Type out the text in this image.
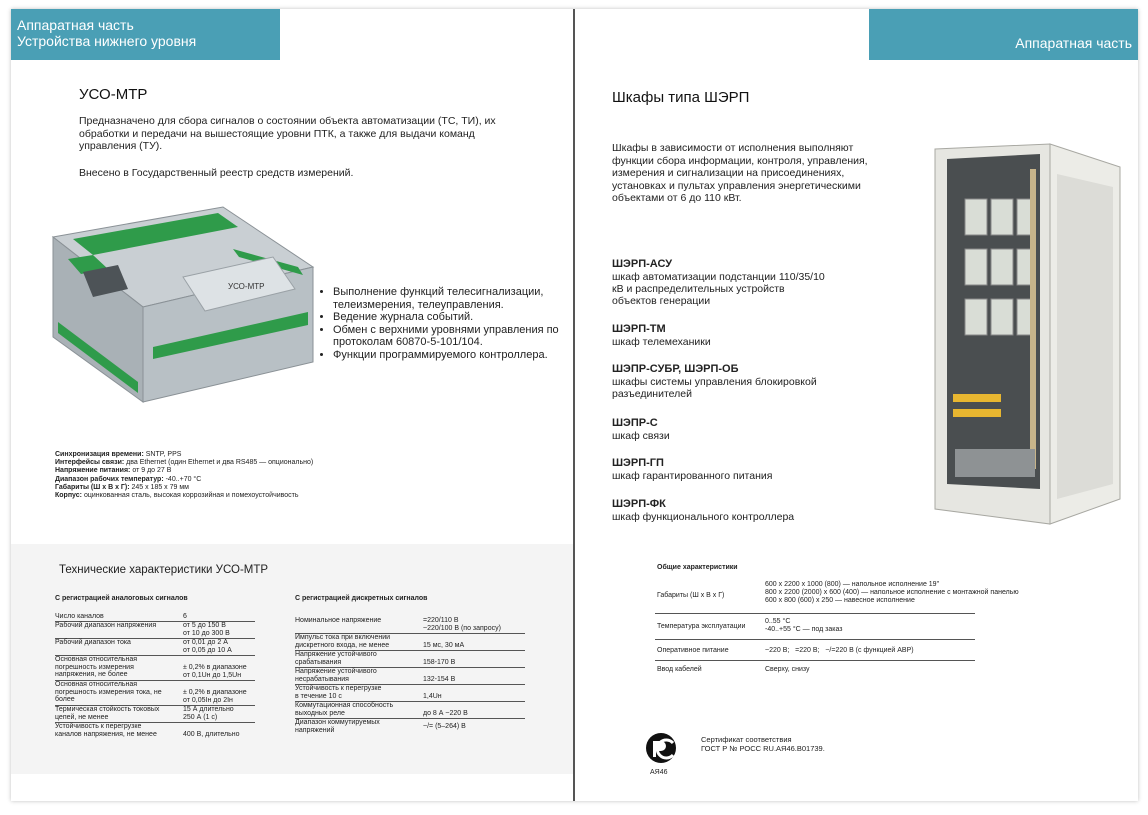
Аппаратная часть
Устройства нижнего уровня
УСО-МТР
Предназначено для сбора сигналов о состоянии объекта автоматизации (ТС, ТИ), их обработки и передачи на вышестоящие уровни ПТК, а также для выдачи команд управления (ТУ).
Внесено в Государственный реестр средств измерений.
УСО-МТР
•	Выполнение функций телесигнализации, телеизмерения, телеуправления.
• Ведение журнала событий.
• Обмен с верхними уровнями управления по протоколам 60870-5-101/104.
• Функции программируемого контроллера.
Синхронизация времени: SNTP, PPS
Интерфейсы связи: два Ethernet (один Ethernet и два RS485 — опционально)
Напряжение питания: от 9 до 27 В
Диапазон рабочих температур: -40..+70 °С
Габариты (Ш х В х Г): 245 х 185 х 79 мм
Корпус: оцинкованная сталь, высокая коррозийная и помехоустойчивость
Технические характеристики УСО-МТР
С регистрацией аналоговых сигналов	С регистрацией дискретных сигналов
Число каналов	6
Рабочий диапазон напряжения	от 5 до 150 В
от 10 до 300 В
Рабочий диапазон тока	от 0,01 до 2 А
от 0,05 до 10 А
Основная относительная
погрешность измерения
напряжения, не более
± 0,2% в диапазоне
от 0,1Uн до 1,5Uн
Основная относительная
погрешность измерения тока, не
более
± 0,2% в диапазоне
от 0,05Iн до 2Iн
Термическая стойкость токовых
цепей, не менее
15 А длительно
250 А (1 с)
Устойчивость к перегрузке
каналов напряжения, не менее	400 В, длительно
Номинальное напряжение	=220/110 В
~220/100 В (по запросу)
Импульс тока при включении
дискретного входа, не менее	15 мс, 30 мА
Напряжение устойчивого
срабатывания	158-170 В
Напряжение устойчивого
несрабатывания	132-154 В
Устойчивость к перегрузке
в течение 10 с	1,4Uн
Коммутационная способность
выходных реле	до 8 А ~220 В
Диапазон коммутируемых
напряжений	~/= (5–264) В
Аппаратная часть
Шкафы типа ШЭРП
Шкафы в зависимости от исполнения выполняют функции сбора информации, контроля, управления, измерения и сигнализации на присоединениях, установках и пультах управления энергетическими объектами от 6 до 110 кВт.
ШЭРП-АСУ
шкаф автоматизации подстанции 110/35/10 кВ и распределительных устройств объектов генерации
ШЭРП-ТМ
шкаф телемеханики
ШЭПР-СУБР, ШЭРП-ОБ
шкафы системы управления блокировкой разъединителей
ШЭПР-С
шкаф связи
ШЭРП-ГП
шкаф гарантированного питания
ШЭРП-ФК
шкаф функционального контроллера
Общие характеристики
Габариты (Ш х В х Г)
600 х 2200 х 1000 (800) — напольное исполнение 19"
800 х 2200 (2000) х 600 (400) — напольное исполнение с монтажной панелью
600 х 800 (600) х 250 — навесное исполнение
Температура эксплуатации
0..55 °С
-40..+55 °С — под заказ
Оперативное питание	~220 В;   =220 В;   ~/=220 В (с функцией АВР)
Ввод кабелей	Сверху, снизу
Сертификат соответствия
ГОСТ Р № РОСС RU.АЯ46.В01739.
АЯ46
